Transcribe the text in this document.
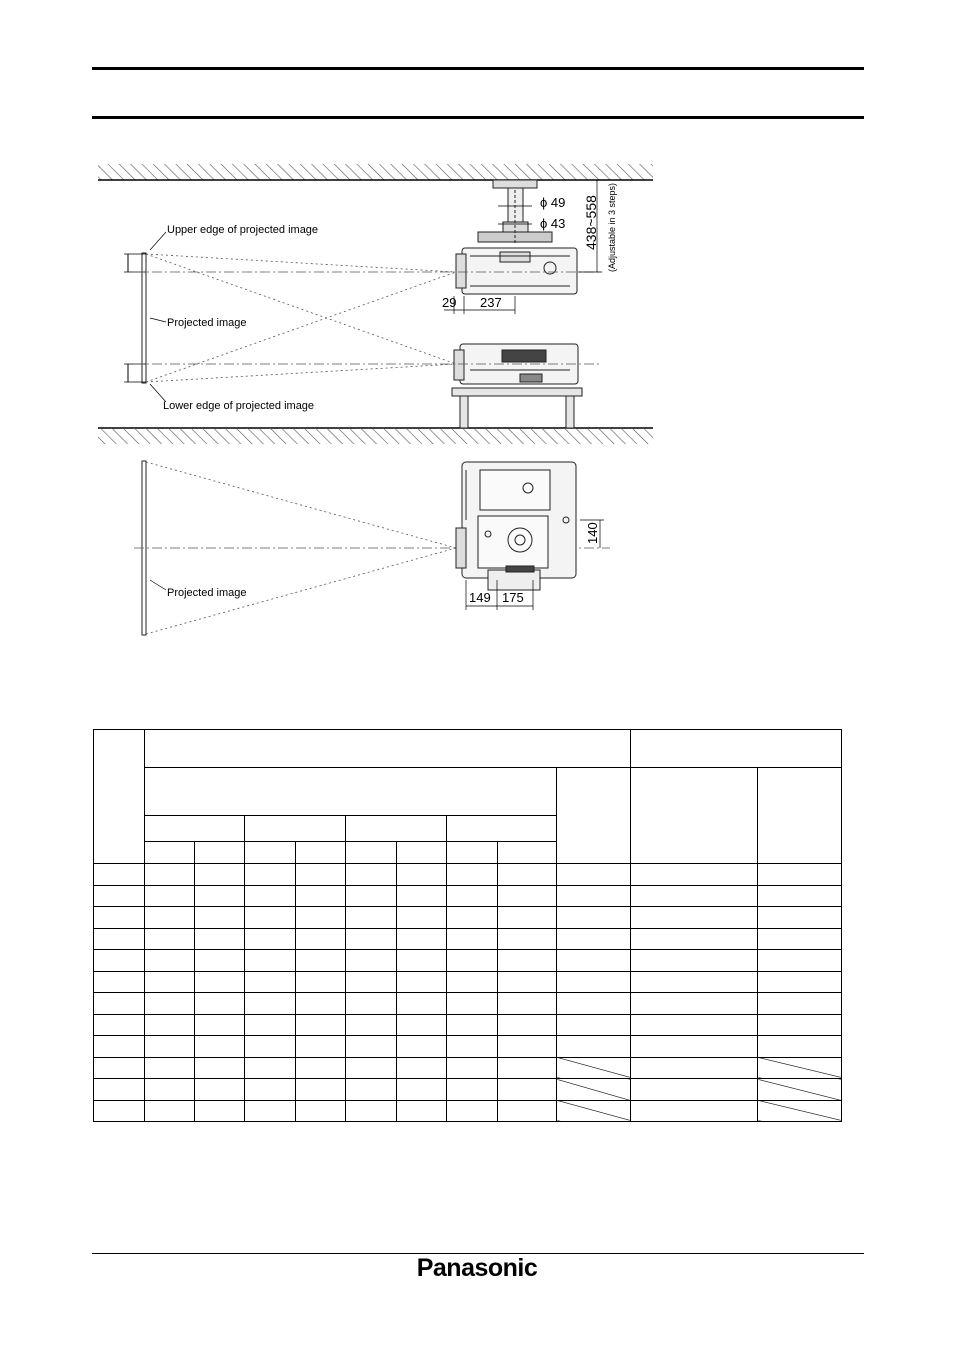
Upper edge of projected image
Projected image
Lower edge of projected image
ϕ 49
ϕ 43 438~558 (Adjustable in 3 steps)
29 237
Projected image
140
149 175

Panasonic
